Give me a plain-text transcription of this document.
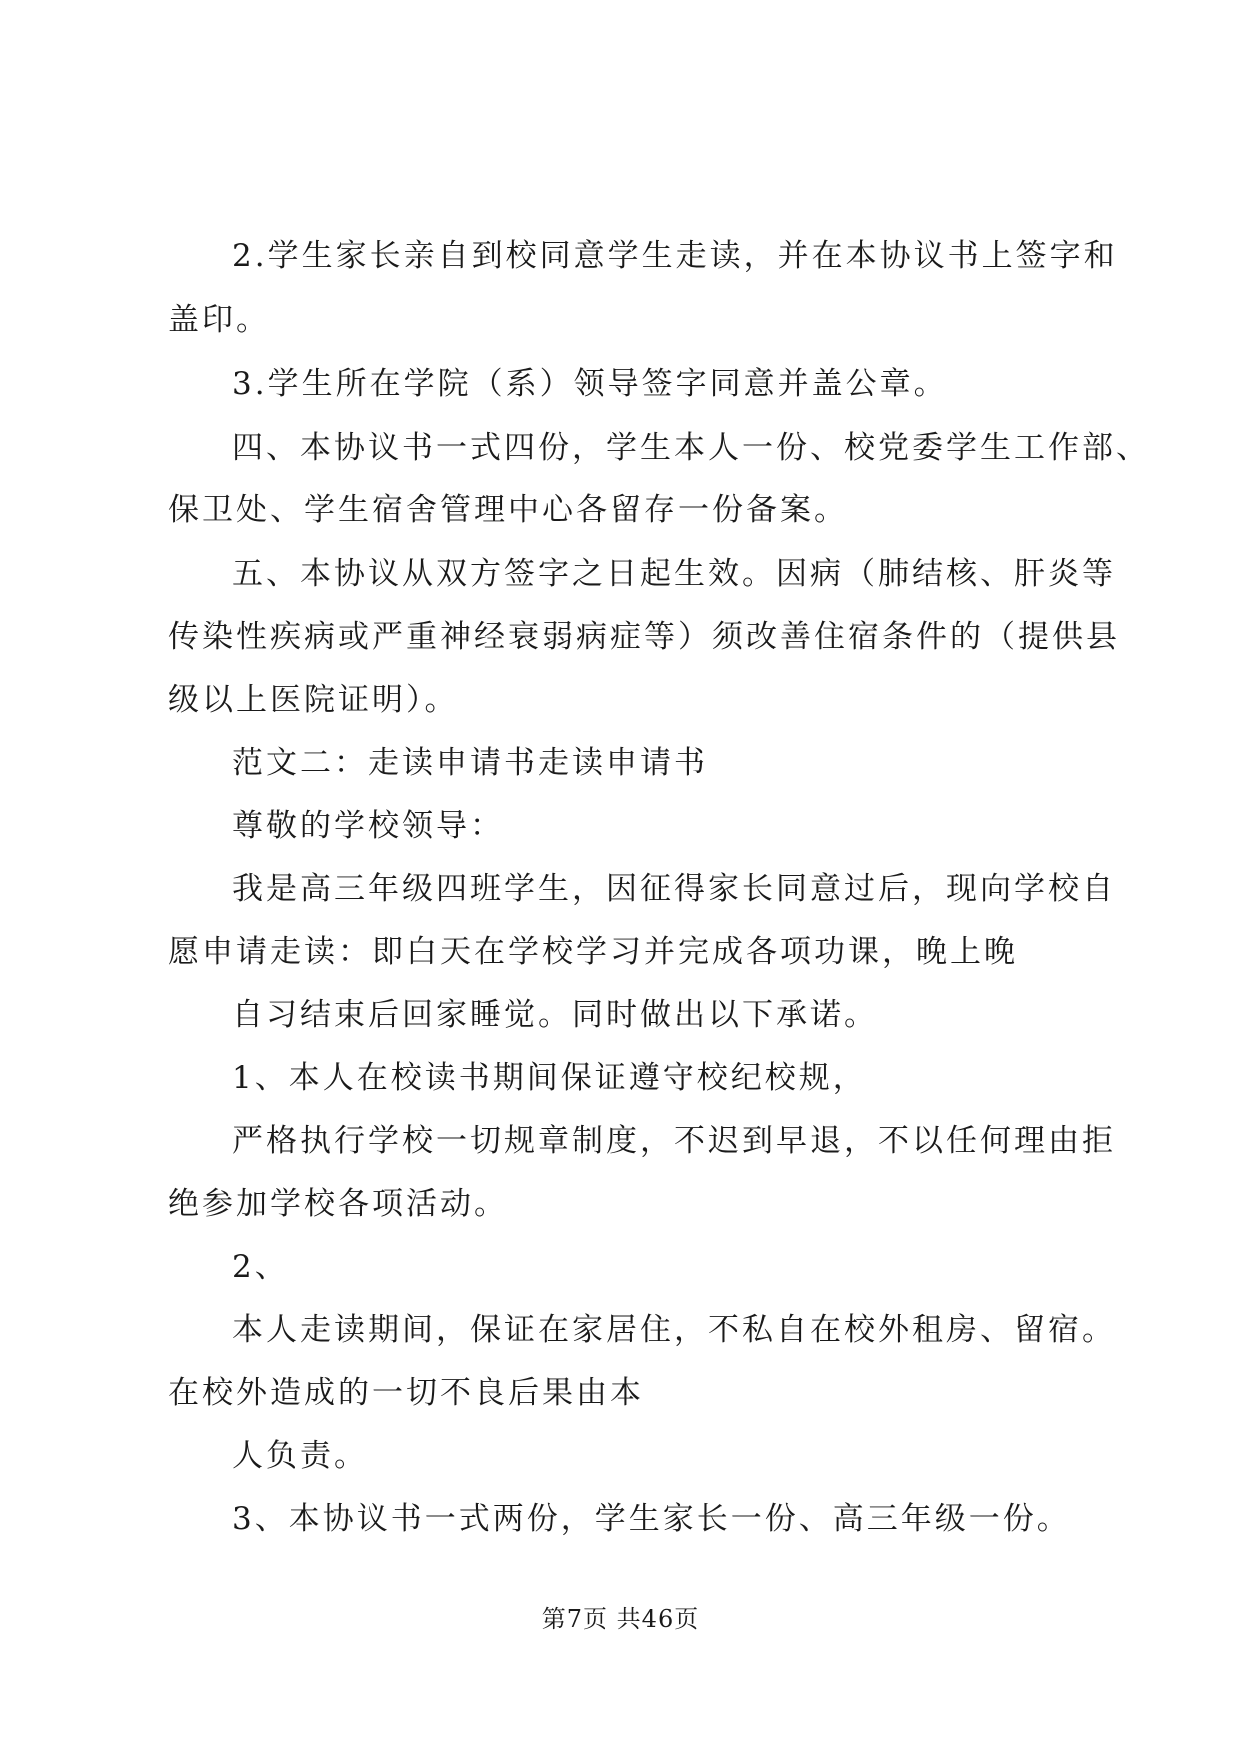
2.学生家长亲自到校同意学生走读，并在本协议书上签字和
盖印。
3.学生所在学院（系）领导签字同意并盖公章。
四、本协议书一式四份，学生本人一份、校党委学生工作部、
保卫处、学生宿舍管理中心各留存一份备案。
五、本协议从双方签字之日起生效。因病（肺结核、肝炎等
传染性疾病或严重神经衰弱病症等）须改善住宿条件的（提供县
级以上医院证明）。
范文二：走读申请书走读申请书
尊敬的学校领导：
我是高三年级四班学生，因征得家长同意过后，现向学校自
愿申请走读：即白天在学校学习并完成各项功课，晚上晚
自习结束后回家睡觉。同时做出以下承诺。
1、本人在校读书期间保证遵守校纪校规，
严格执行学校一切规章制度，不迟到早退，不以任何理由拒
绝参加学校各项活动。
2、
本人走读期间，保证在家居住，不私自在校外租房、留宿。
在校外造成的一切不良后果由本
人负责。
3、本协议书一式两份，学生家长一份、高三年级一份。
第7页 共46页
